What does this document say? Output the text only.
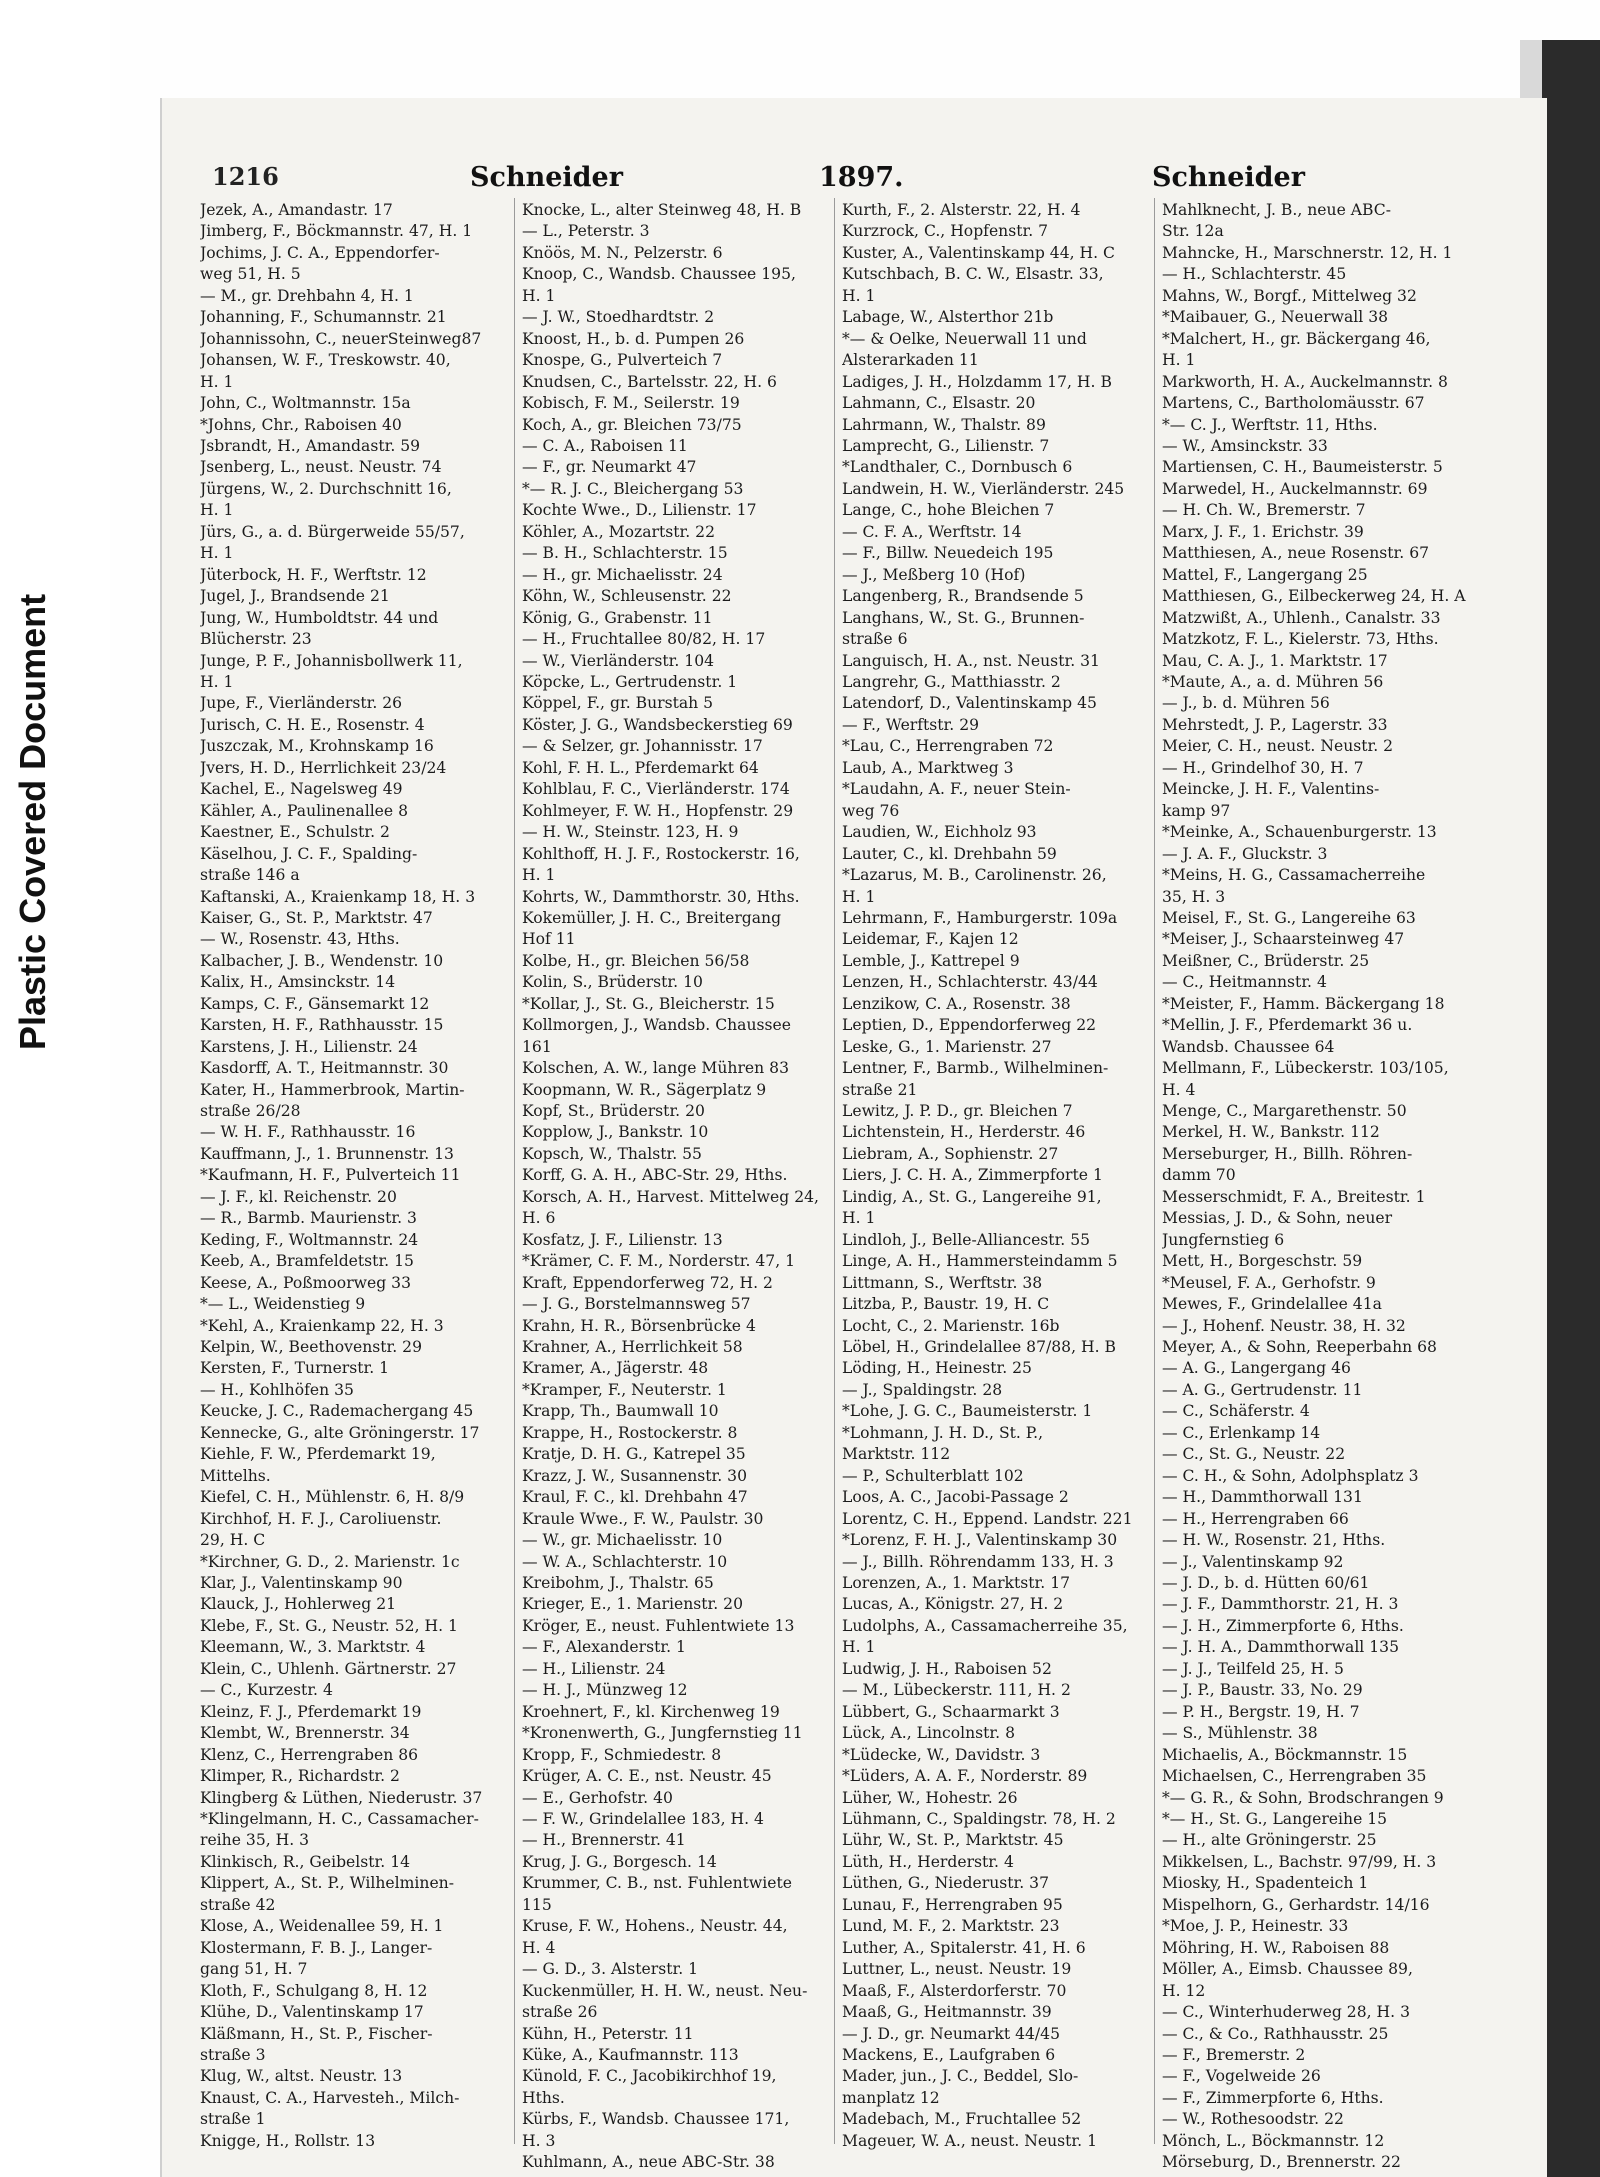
Plastic Covered Document
1216	Schneider	1897.	Schneider
Jezek, A., Amandastr. 17
Jimberg, F., Böckmannstr. 47, H. 1
Jochims, J. C. A., Eppendorfer-
weg 51, H. 5
— M., gr. Drehbahn 4, H. 1
Johanning, F., Schumannstr. 21
Johannissohn, C., neuerSteinweg87
Johansen, W. F., Treskowstr. 40,
H. 1
John, C., Woltmannstr. 15a
*Johns, Chr., Raboisen 40
Jsbrandt, H., Amandastr. 59
Jsenberg, L., neust. Neustr. 74
Jürgens, W., 2. Durchschnitt 16,
H. 1
Jürs, G., a. d. Bürgerweide 55/57,
H. 1
Jüterbock, H. F., Werftstr. 12
Jugel, J., Brandsende 21
Jung, W., Humboldtstr. 44 und
Blücherstr. 23
Junge, P. F., Johannisbollwerk 11,
H. 1
Jupe, F., Vierländerstr. 26
Jurisch, C. H. E., Rosenstr. 4
Juszczak, M., Krohnskamp 16
Jvers, H. D., Herrlichkeit 23/24
Kachel, E., Nagelsweg 49
Kähler, A., Paulinenallee 8
Kaestner, E., Schulstr. 2
Käselhou, J. C. F., Spalding-
straße 146 a
Kaftanski, A., Kraienkamp 18, H. 3
Kaiser, G., St. P., Marktstr. 47
— W., Rosenstr. 43, Hths.
Kalbacher, J. B., Wendenstr. 10
Kalix, H., Amsinckstr. 14
Kamps, C. F., Gänsemarkt 12
Karsten, H. F., Rathhausstr. 15
Karstens, J. H., Lilienstr. 24
Kasdorff, A. T., Heitmannstr. 30
Kater, H., Hammerbrook, Martin-
straße 26/28
— W. H. F., Rathhausstr. 16
Kauffmann, J., 1. Brunnenstr. 13
*Kaufmann, H. F., Pulverteich 11
— J. F., kl. Reichenstr. 20
— R., Barmb. Maurienstr. 3
Keding, F., Woltmannstr. 24
Keeb, A., Bramfeldetstr. 15
Keese, A., Poßmoorweg 33
*— L., Weidenstieg 9
*Kehl, A., Kraienkamp 22, H. 3
Kelpin, W., Beethovenstr. 29
Kersten, F., Turnerstr. 1
— H., Kohlhöfen 35
Keucke, J. C., Rademachergang 45
Kennecke, G., alte Gröningerstr. 17
Kiehle, F. W., Pferdemarkt 19,
Mittelhs.
Kiefel, C. H., Mühlenstr. 6, H. 8/9
Kirchhof, H. F. J., Caroliuenstr.
29, H. C
*Kirchner, G. D., 2. Marienstr. 1c
Klar, J., Valentinskamp 90
Klauck, J., Hohlerweg 21
Klebe, F., St. G., Neustr. 52, H. 1
Kleemann, W., 3. Marktstr. 4
Klein, C., Uhlenh. Gärtnerstr. 27
— C., Kurzestr. 4
Kleinz, F. J., Pferdemarkt 19
Klembt, W., Brennerstr. 34
Klenz, C., Herrengraben 86
Klimper, R., Richardstr. 2
Klingberg & Lüthen, Niederustr. 37
*Klingelmann, H. C., Cassamacher-
reihe 35, H. 3
Klinkisch, R., Geibelstr. 14
Klippert, A., St. P., Wilhelminen-
straße 42
Klose, A., Weidenallee 59, H. 1
Klostermann, F. B. J., Langer-
gang 51, H. 7
Kloth, F., Schulgang 8, H. 12
Klühe, D., Valentinskamp 17
Kläßmann, H., St. P., Fischer-
straße 3
Klug, W., altst. Neustr. 13
Knaust, C. A., Harvesteh., Milch-
straße 1
Knigge, H., Rollstr. 13
Knocke, L., alter Steinweg 48, H. B
— L., Peterstr. 3
Knöös, M. N., Pelzerstr. 6
Knoop, C., Wandsb. Chaussee 195,
H. 1
— J. W., Stoedhardtstr. 2
Knoost, H., b. d. Pumpen 26
Knospe, G., Pulverteich 7
Knudsen, C., Bartelsstr. 22, H. 6
Kobisch, F. M., Seilerstr. 19
Koch, A., gr. Bleichen 73/75
— C. A., Raboisen 11
— F., gr. Neumarkt 47
*— R. J. C., Bleichergang 53
Kochte Wwe., D., Lilienstr. 17
Köhler, A., Mozartstr. 22
— B. H., Schlachterstr. 15
— H., gr. Michaelisstr. 24
Köhn, W., Schleusenstr. 22
König, G., Grabenstr. 11
— H., Fruchtallee 80/82, H. 17
— W., Vierländerstr. 104
Köpcke, L., Gertrudenstr. 1
Köppel, F., gr. Burstah 5
Köster, J. G., Wandsbeckerstieg 69
— & Selzer, gr. Johannisstr. 17
Kohl, F. H. L., Pferdemarkt 64
Kohlblau, F. C., Vierländerstr. 174
Kohlmeyer, F. W. H., Hopfenstr. 29
— H. W., Steinstr. 123, H. 9
Kohlthoff, H. J. F., Rostockerstr. 16,
H. 1
Kohrts, W., Dammthorstr. 30, Hths.
Kokemüller, J. H. C., Breitergang
Hof 11
Kolbe, H., gr. Bleichen 56/58
Kolin, S., Brüderstr. 10
*Kollar, J., St. G., Bleicherstr. 15
Kollmorgen, J., Wandsb. Chaussee
161
Kolschen, A. W., lange Mühren 83
Koopmann, W. R., Sägerplatz 9
Kopf, St., Brüderstr. 20
Kopplow, J., Bankstr. 10
Kopsch, W., Thalstr. 55
Korff, G. A. H., ABC-Str. 29, Hths.
Korsch, A. H., Harvest. Mittelweg 24,
H. 6
Kosfatz, J. F., Lilienstr. 13
*Krämer, C. F. M., Norderstr. 47, 1
Kraft, Eppendorferweg 72, H. 2
— J. G., Borstelmannsweg 57
Krahn, H. R., Börsenbrücke 4
Krahner, A., Herrlichkeit 58
Kramer, A., Jägerstr. 48
*Kramper, F., Neuterstr. 1
Krapp, Th., Baumwall 10
Krappe, H., Rostockerstr. 8
Kratje, D. H. G., Katrepel 35
Krazz, J. W., Susannenstr. 30
Kraul, F. C., kl. Drehbahn 47
Kraule Wwe., F. W., Paulstr. 30
— W., gr. Michaelisstr. 10
— W. A., Schlachterstr. 10
Kreibohm, J., Thalstr. 65
Krieger, E., 1. Marienstr. 20
Kröger, E., neust. Fuhlentwiete 13
— F., Alexanderstr. 1
— H., Lilienstr. 24
— H. J., Münzweg 12
Kroehnert, F., kl. Kirchenweg 19
*Kronenwerth, G., Jungfernstieg 11
Kropp, F., Schmiedestr. 8
Krüger, A. C. E., nst. Neustr. 45
— E., Gerhofstr. 40
— F. W., Grindelallee 183, H. 4
— H., Brennerstr. 41
Krug, J. G., Borgesch. 14
Krummer, C. B., nst. Fuhlentwiete
115
Kruse, F. W., Hohens., Neustr. 44,
H. 4
— G. D., 3. Alsterstr. 1
Kuckenmüller, H. H. W., neust. Neu-
straße 26
Kühn, H., Peterstr. 11
Küke, A., Kaufmannstr. 113
Künold, F. C., Jacobikirchhof 19,
Hths.
Kürbs, F., Wandsb. Chaussee 171,
H. 3
Kuhlmann, A., neue ABC-Str. 38
Kurth, F., 2. Alsterstr. 22, H. 4
Kurzrock, C., Hopfenstr. 7
Kuster, A., Valentinskamp 44, H. C
Kutschbach, B. C. W., Elsastr. 33,
H. 1
Labage, W., Alsterthor 21b
*— & Oelke, Neuerwall 11 und
Alsterarkaden 11
Ladiges, J. H., Holzdamm 17, H. B
Lahmann, C., Elsastr. 20
Lahrmann, W., Thalstr. 89
Lamprecht, G., Lilienstr. 7
*Landthaler, C., Dornbusch 6
Landwein, H. W., Vierländerstr. 245
Lange, C., hohe Bleichen 7
— C. F. A., Werftstr. 14
— F., Billw. Neuedeich 195
— J., Meßberg 10 (Hof)
Langenberg, R., Brandsende 5
Langhans, W., St. G., Brunnen-
straße 6
Languisch, H. A., nst. Neustr. 31
Langrehr, G., Matthiasstr. 2
Latendorf, D., Valentinskamp 45
— F., Werftstr. 29
*Lau, C., Herrengraben 72
Laub, A., Marktweg 3
*Laudahn, A. F., neuer Stein-
weg 76
Laudien, W., Eichholz 93
Lauter, C., kl. Drehbahn 59
*Lazarus, M. B., Carolinenstr. 26,
H. 1
Lehrmann, F., Hamburgerstr. 109a
Leidemar, F., Kajen 12
Lemble, J., Kattrepel 9
Lenzen, H., Schlachterstr. 43/44
Lenzikow, C. A., Rosenstr. 38
Leptien, D., Eppendorferweg 22
Leske, G., 1. Marienstr. 27
Lentner, F., Barmb., Wilhelminen-
straße 21
Lewitz, J. P. D., gr. Bleichen 7
Lichtenstein, H., Herderstr. 46
Liebram, A., Sophienstr. 27
Liers, J. C. H. A., Zimmerpforte 1
Lindig, A., St. G., Langereihe 91,
H. 1
Lindloh, J., Belle-Alliancestr. 55
Linge, A. H., Hammersteindamm 5
Littmann, S., Werftstr. 38
Litzba, P., Baustr. 19, H. C
Locht, C., 2. Marienstr. 16b
Löbel, H., Grindelallee 87/88, H. B
Löding, H., Heinestr. 25
— J., Spaldingstr. 28
*Lohe, J. G. C., Baumeisterstr. 1
*Lohmann, J. H. D., St. P.,
Marktstr. 112
— P., Schulterblatt 102
Loos, A. C., Jacobi-Passage 2
Lorentz, C. H., Eppend. Landstr. 221
*Lorenz, F. H. J., Valentinskamp 30
— J., Billh. Röhrendamm 133, H. 3
Lorenzen, A., 1. Marktstr. 17
Lucas, A., Königstr. 27, H. 2
Ludolphs, A., Cassamacherreihe 35,
H. 1
Ludwig, J. H., Raboisen 52
— M., Lübeckerstr. 111, H. 2
Lübbert, G., Schaarmarkt 3
Lück, A., Lincolnstr. 8
*Lüdecke, W., Davidstr. 3
*Lüders, A. A. F., Norderstr. 89
Lüher, W., Hohestr. 26
Lühmann, C., Spaldingstr. 78, H. 2
Lühr, W., St. P., Marktstr. 45
Lüth, H., Herderstr. 4
Lüthen, G., Niederustr. 37
Lunau, F., Herrengraben 95
Lund, M. F., 2. Marktstr. 23
Luther, A., Spitalerstr. 41, H. 6
Luttner, L., neust. Neustr. 19
Maaß, F., Alsterdorferstr. 70
Maaß, G., Heitmannstr. 39
— J. D., gr. Neumarkt 44/45
Mackens, E., Laufgraben 6
Mader, jun., J. C., Beddel, Slo-
manplatz 12
Madebach, M., Fruchtallee 52
Mageuer, W. A., neust. Neustr. 1
Mahlknecht, J. B., neue ABC-
Str. 12a
Mahncke, H., Marschnerstr. 12, H. 1
— H., Schlachterstr. 45
Mahns, W., Borgf., Mittelweg 32
*Maibauer, G., Neuerwall 38
*Malchert, H., gr. Bäckergang 46,
H. 1
Markworth, H. A., Auckelmannstr. 8
Martens, C., Bartholomäusstr. 67
*— C. J., Werftstr. 11, Hths.
— W., Amsinckstr. 33
Martiensen, C. H., Baumeisterstr. 5
Marwedel, H., Auckelmannstr. 69
— H. Ch. W., Bremerstr. 7
Marx, J. F., 1. Erichstr. 39
Matthiesen, A., neue Rosenstr. 67
Mattel, F., Langergang 25
Matthiesen, G., Eilbeckerweg 24, H. A
Matzwißt, A., Uhlenh., Canalstr. 33
Matzkotz, F. L., Kielerstr. 73, Hths.
Mau, C. A. J., 1. Marktstr. 17
*Maute, A., a. d. Mühren 56
— J., b. d. Mühren 56
Mehrstedt, J. P., Lagerstr. 33
Meier, C. H., neust. Neustr. 2
— H., Grindelhof 30, H. 7
Meincke, J. H. F., Valentins-
kamp 97
*Meinke, A., Schauenburgerstr. 13
— J. A. F., Gluckstr. 3
*Meins, H. G., Cassamacherreihe
35, H. 3
Meisel, F., St. G., Langereihe 63
*Meiser, J., Schaarsteinweg 47
Meißner, C., Brüderstr. 25
— C., Heitmannstr. 4
*Meister, F., Hamm. Bäckergang 18
*Mellin, J. F., Pferdemarkt 36 u.
Wandsb. Chaussee 64
Mellmann, F., Lübeckerstr. 103/105,
H. 4
Menge, C., Margarethenstr. 50
Merkel, H. W., Bankstr. 112
Merseburger, H., Billh. Röhren-
damm 70
Messerschmidt, F. A., Breitestr. 1
Messias, J. D., & Sohn, neuer
Jungfernstieg 6
Mett, H., Borgeschstr. 59
*Meusel, F. A., Gerhofstr. 9
Mewes, F., Grindelallee 41a
— J., Hohenf. Neustr. 38, H. 32
Meyer, A., & Sohn, Reeperbahn 68
— A. G., Langergang 46
— A. G., Gertrudenstr. 11
— C., Schäferstr. 4
— C., Erlenkamp 14
— C., St. G., Neustr. 22
— C. H., & Sohn, Adolphsplatz 3
— H., Dammthorwall 131
— H., Herrengraben 66
— H. W., Rosenstr. 21, Hths.
— J., Valentinskamp 92
— J. D., b. d. Hütten 60/61
— J. F., Dammthorstr. 21, H. 3
— J. H., Zimmerpforte 6, Hths.
— J. H. A., Dammthorwall 135
— J. J., Teilfeld 25, H. 5
— J. P., Baustr. 33, No. 29
— P. H., Bergstr. 19, H. 7
— S., Mühlenstr. 38
Michaelis, A., Böckmannstr. 15
Michaelsen, C., Herrengraben 35
*— G. R., & Sohn, Brodschrangen 9
*— H., St. G., Langereihe 15
— H., alte Gröningerstr. 25
Mikkelsen, L., Bachstr. 97/99, H. 3
Miosky, H., Spadenteich 1
Mispelhorn, G., Gerhardstr. 14/16
*Moe, J. P., Heinestr. 33
Möhring, H. W., Raboisen 88
Möller, A., Eimsb. Chaussee 89,
H. 12
— C., Winterhuderweg 28, H. 3
— C., & Co., Rathhausstr. 25
— F., Bremerstr. 2
— F., Vogelweide 26
— F., Zimmerpforte 6, Hths.
— W., Rothesoodstr. 22
Mönch, L., Böckmannstr. 12
Mörseburg, D., Brennerstr. 22
